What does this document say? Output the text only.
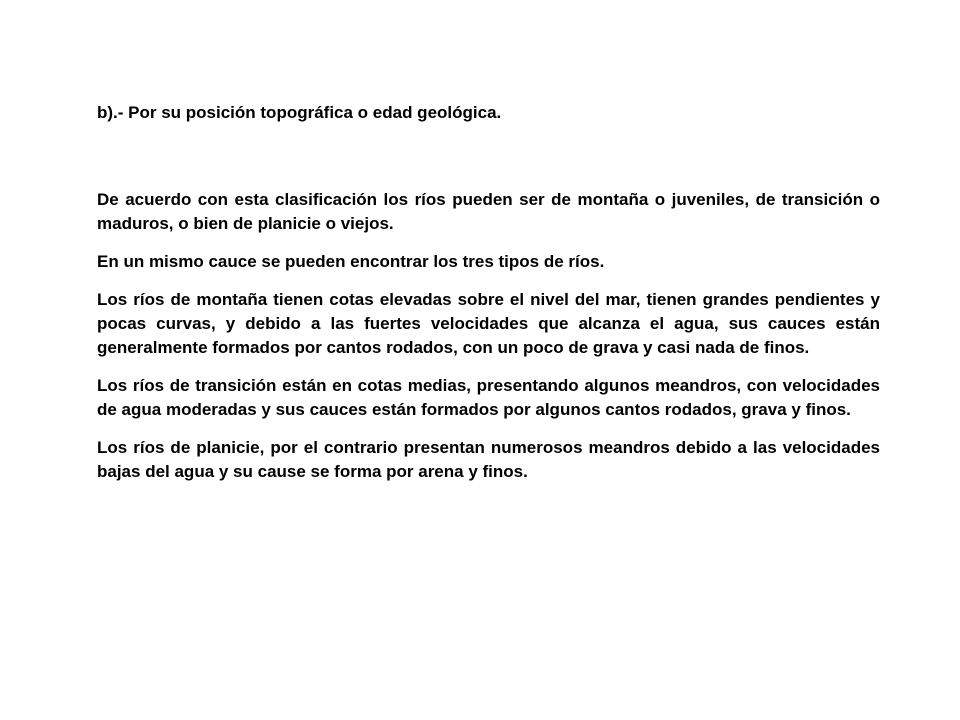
b).- Por su posición topográfica o edad geológica.

De acuerdo con esta clasificación los ríos pueden ser de montaña o juveniles, de transición o maduros, o bien de planicie o viejos.

En un mismo cauce se pueden encontrar los tres tipos de ríos.

Los ríos de montaña tienen cotas elevadas sobre el nivel del mar, tienen grandes pendientes y pocas curvas, y debido a las fuertes velocidades que alcanza el agua, sus cauces están generalmente formados por cantos rodados, con un poco de grava y casi nada de finos.

Los ríos de transición están en cotas medias, presentando algunos meandros, con velocidades de agua moderadas y sus cauces están formados por algunos cantos rodados, grava y finos.

Los ríos de planicie, por el contrario presentan numerosos meandros debido a las velocidades bajas del agua y su cause se forma por arena y finos.
